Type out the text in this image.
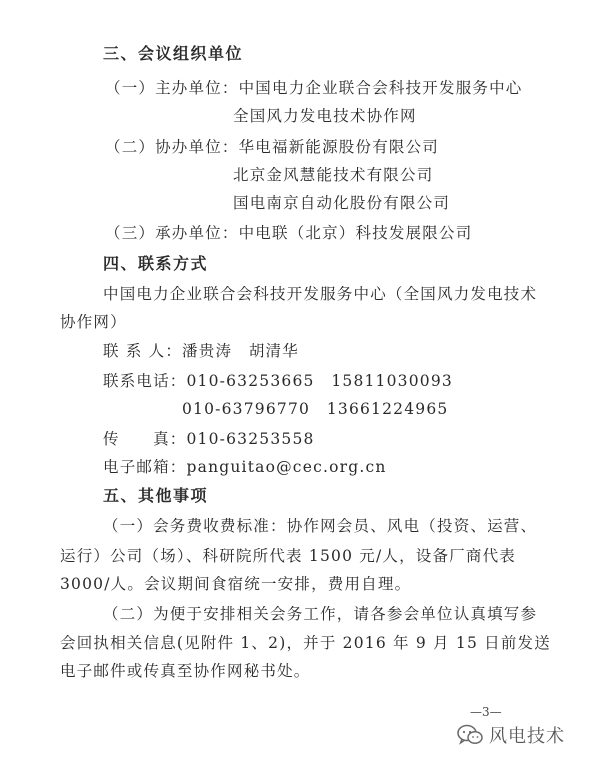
三、会议组织单位
（一）主办单位：中国电力企业联合会科技开发服务中心
全国风力发电技术协作网
（二）协办单位：华电福新能源股份有限公司
北京金风慧能技术有限公司
国电南京自动化股份有限公司
（三）承办单位：中电联（北京）科技发展限公司
四、联系方式
中国电力企业联合会科技开发服务中心（全国风力发电技术
协作网）
联 系 人：潘贵涛　胡清华
联系电话：010-63253665　15811030093
010-63796770　13661224965
传　　真：010-63253558
电子邮箱：panguitao@cec.org.cn
五、其他事项
（一）会务费收费标准：协作网会员、风电（投资、运营、
运行）公司（场）、科研院所代表 1500 元/人，设备厂商代表
3000/人。会议期间食宿统一安排，费用自理。
（二）为便于安排相关会务工作，请各参会单位认真填写参
会回执相关信息(见附件 1、2)，并于 2016 年 9 月 15 日前发送
电子邮件或传真至协作网秘书处。
—3—
风电技术
